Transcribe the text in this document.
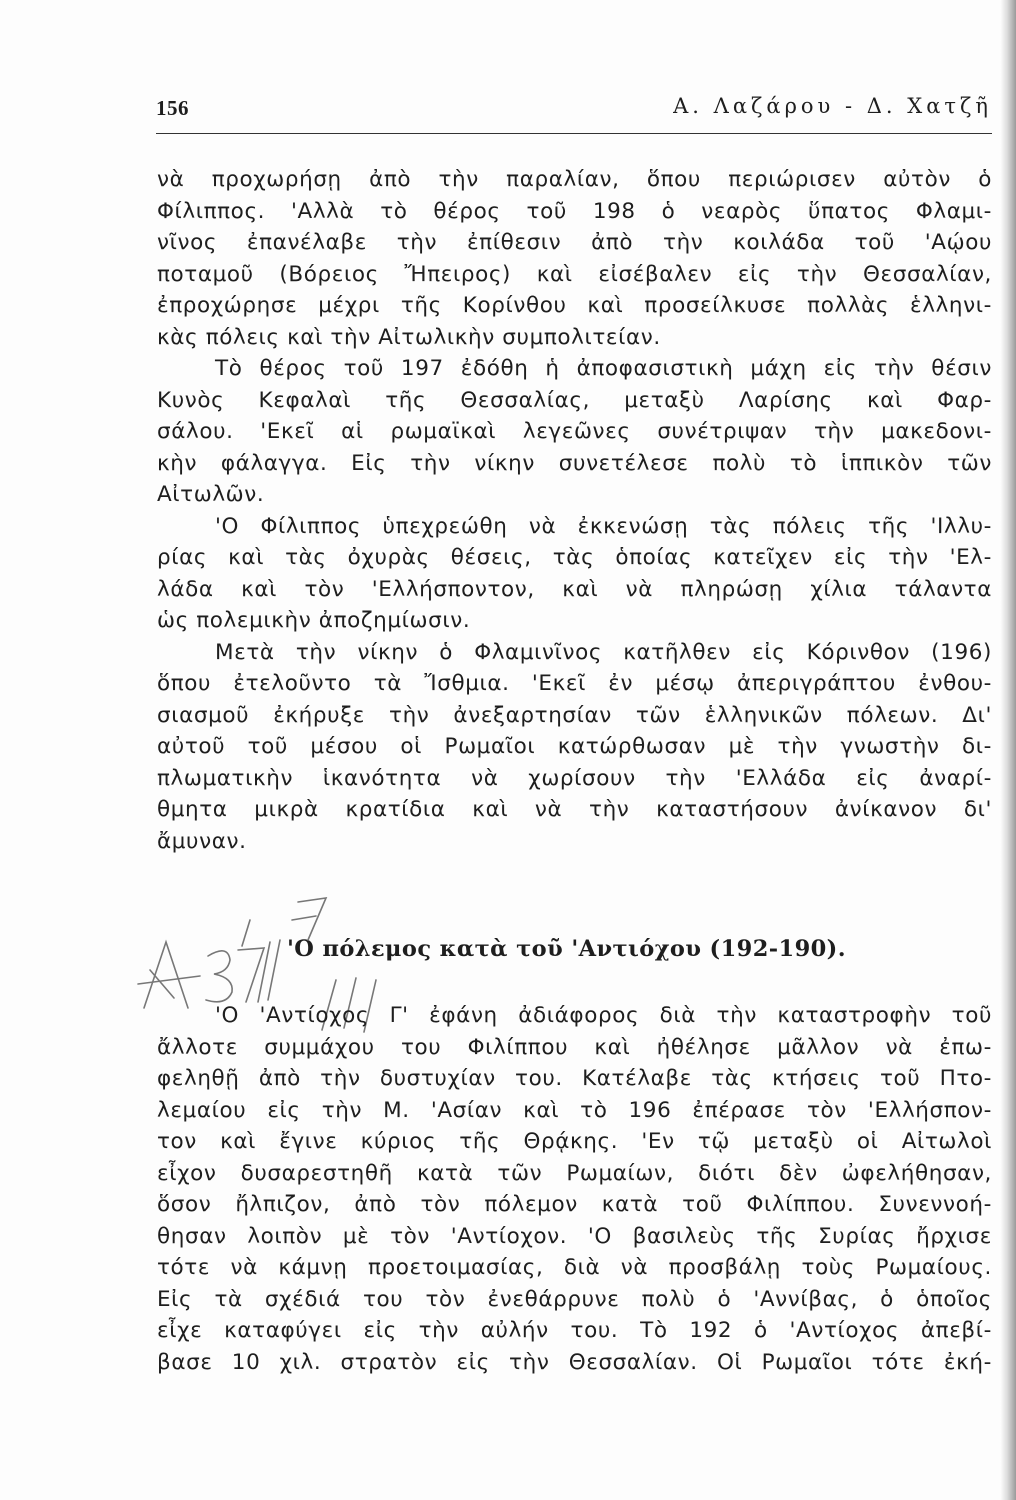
156	Α. Λαζάρου - Δ. Χατζῆ
νὰ προχωρήσῃ ἀπὸ τὴν παραλίαν, ὅπου περιώρισεν αὐτὸν ὁ
Φίλιππος. 'Αλλὰ τὸ θέρος τοῦ 198 ὁ νεαρὸς ὕπατος Φλαμι-
νῖνος ἐπανέλαβε τὴν ἐπίθεσιν ἀπὸ τὴν κοιλάδα τοῦ 'Αῴου
ποταμοῦ (Βόρειος Ἤπειρος) καὶ εἰσέβαλεν εἰς τὴν Θεσσαλίαν,
ἐπροχώρησε μέχρι τῆς Κορίνθου καὶ προσείλκυσε πολλὰς ἑλληνι-
κὰς πόλεις καὶ τὴν Αἰτωλικὴν συμπολιτείαν.
Τὸ θέρος τοῦ 197 ἐδόθη ἡ ἀποφασιστικὴ μάχη εἰς τὴν θέσιν
Κυνὸς Κεφαλαὶ τῆς Θεσσαλίας, μεταξὺ Λαρίσης καὶ Φαρ-
σάλου. 'Εκεῖ αἱ ρωμαϊκαὶ λεγεῶνες συνέτριψαν τὴν μακεδονι-
κὴν φάλαγγα. Εἰς τὴν νίκην συνετέλεσε πολὺ τὸ ἱππικὸν τῶν
Αἰτωλῶν.
'Ο Φίλιππος ὑπεχρεώθη νὰ ἐκκενώσῃ τὰς πόλεις τῆς 'Ιλλυ-
ρίας καὶ τὰς ὀχυρὰς θέσεις, τὰς ὁποίας κατεῖχεν εἰς τὴν 'Ελ-
λάδα καὶ τὸν 'Ελλήσποντον, καὶ νὰ πληρώσῃ χίλια τάλαντα
ὡς πολεμικὴν ἀποζημίωσιν.
Μετὰ τὴν νίκην ὁ Φλαμινῖνος κατῆλθεν εἰς Κόρινθον (196)
ὅπου ἐτελοῦντο τὰ Ἴσθμια. 'Εκεῖ ἐν μέσῳ ἀπεριγράπτου ἐνθου-
σιασμοῦ ἐκήρυξε τὴν ἀνεξαρτησίαν τῶν ἑλληνικῶν πόλεων. Δι'
αὐτοῦ τοῦ μέσου οἱ Ρωμαῖοι κατώρθωσαν μὲ τὴν γνωστὴν δι-
πλωματικὴν ἱκανότητα νὰ χωρίσουν τὴν 'Ελλάδα εἰς ἀναρί-
θμητα μικρὰ κρατίδια καὶ νὰ τὴν καταστήσουν ἀνίκανον δι'
ἄμυναν.
'Ο πόλεμος κατὰ τοῦ 'Αντιόχου (192-190).
'Ο 'Αντίοχος Γ' ἐφάνη ἀδιάφορος διὰ τὴν καταστροφὴν τοῦ
ἄλλοτε συμμάχου του Φιλίππου καὶ ἠθέλησε μᾶλλον νὰ ἐπω-
φεληθῇ ἀπὸ τὴν δυστυχίαν του. Κατέλαβε τὰς κτήσεις τοῦ Πτο-
λεμαίου εἰς τὴν Μ. 'Ασίαν καὶ τὸ 196 ἐπέρασε τὸν 'Ελλήσπον-
τον καὶ ἔγινε κύριος τῆς Θρᾴκης. 'Εν τῷ μεταξὺ οἱ Αἰτωλοὶ
εἶχον δυσαρεστηθῆ κατὰ τῶν Ρωμαίων, διότι δὲν ὠφελήθησαν,
ὅσον ἤλπιζον, ἀπὸ τὸν πόλεμον κατὰ τοῦ Φιλίππου. Συνεννοή-
θησαν λοιπὸν μὲ τὸν 'Αντίοχον. 'Ο βασιλεὺς τῆς Συρίας ἤρχισε
τότε νὰ κάμνῃ προετοιμασίας, διὰ νὰ προσβάλῃ τοὺς Ρωμαίους.
Εἰς τὰ σχέδιά του τὸν ἐνεθάρρυνε πολὺ ὁ 'Αννίβας, ὁ ὁποῖος
εἶχε καταφύγει εἰς τὴν αὐλήν του. Τὸ 192 ὁ 'Αντίοχος ἀπεβί-
βασε 10 χιλ. στρατὸν εἰς τὴν Θεσσαλίαν. Οἱ Ρωμαῖοι τότε ἐκή-
